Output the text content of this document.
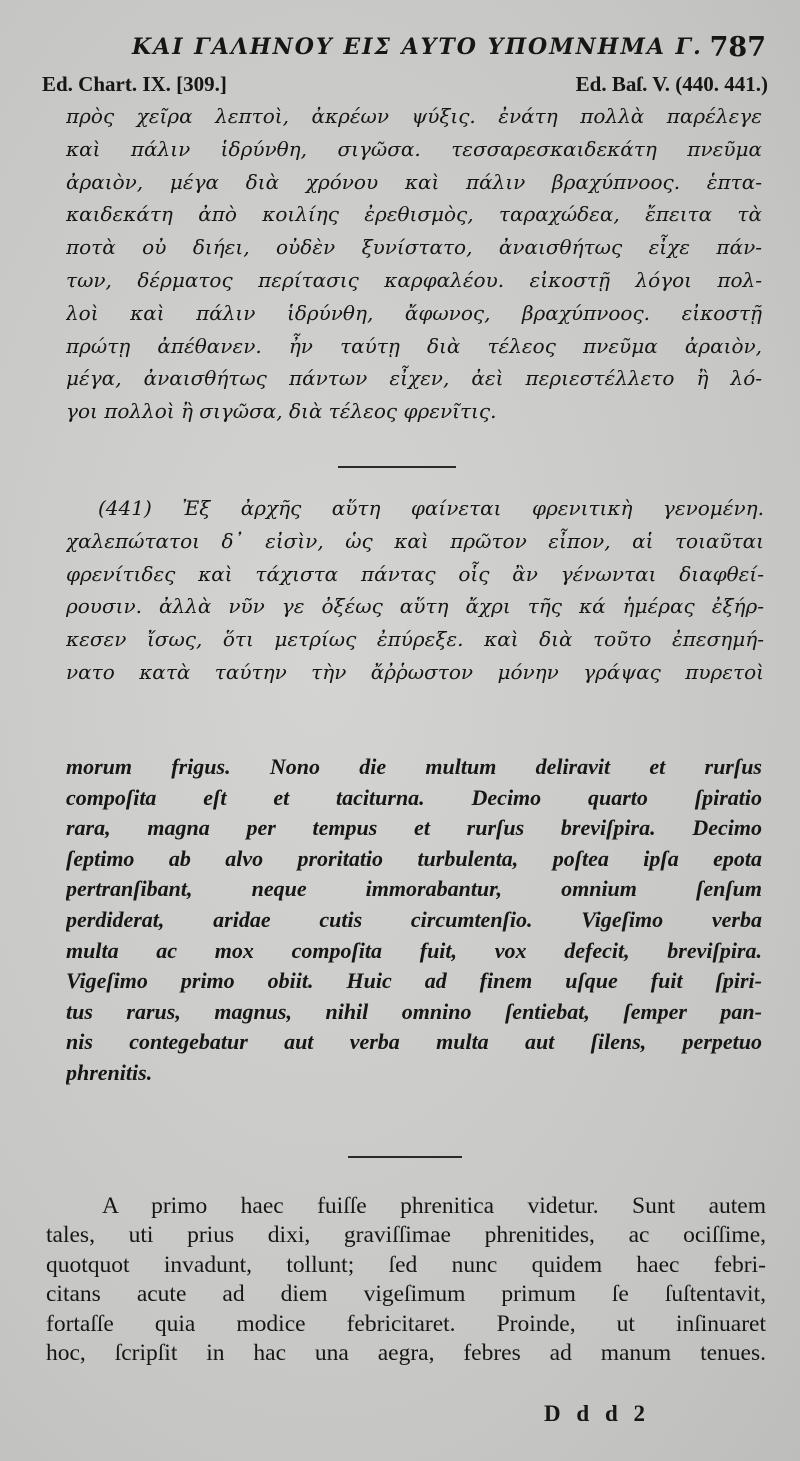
ΚΑΙ ΓΑΛΗΝΟΥ ΕΙΣ ΑΥΤΟ ΥΠΟΜΝΗΜΑ Γ. 787
Ed. Chart. IX. [309.]	Ed. Baſ. V. (440. 441.)
πρὸς χεῖρα λεπτοὶ, ἀκρέων ψύξις. ἐνάτη πολλὰ παρέλεγε
καὶ πάλιν ἱδρύνθη, σιγῶσα. τεσσαρεσκαιδεκάτη πνεῦμα
ἀραιὸν, μέγα διὰ χρόνου καὶ πάλιν βραχύπνοος. ἑπτα-
καιδεκάτη ἀπὸ κοιλίης ἐρεθισμὸς, ταραχώδεα, ἔπειτα τὰ
ποτὰ οὐ διήει, οὐδὲν ξυνίστατο, ἀναισθήτως εἶχε πάν-
των, δέρματος περίτασις καρφαλέου. εἰκοστῇ λόγοι πολ-
λοὶ καὶ πάλιν ἱδρύνθη, ἄφωνος, βραχύπνοος. εἰκοστῇ
πρώτῃ ἀπέθανεν. ἦν ταύτῃ διὰ τέλεος πνεῦμα ἀραιὸν,
μέγα, ἀναισθήτως πάντων εἶχεν, ἀεὶ περιεστέλλετο ἢ λό-
γοι πολλοὶ ἢ σιγῶσα, διὰ τέλεος φρενῖτις.
(441) Ἐξ ἀρχῆς αὕτη φαίνεται φρενιτικὴ γενομένη.
χαλεπώτατοι δ᾽ εἰσὶν, ὡς καὶ πρῶτον εἶπον, αἱ τοιαῦται
φρενίτιδες καὶ τάχιστα πάντας οἷς ἂν γένωνται διαφθεί-
ρουσιν. ἀλλὰ νῦν γε ὀξέως αὕτη ἄχρι τῆς κά ἡμέρας ἐξήρ-
κεσεν ἴσως, ὅτι μετρίως ἐπύρεξε. καὶ διὰ τοῦτο ἐπεσημή-
νατο κατὰ ταύτην τὴν ἄῤῥωστον μόνην γράψας πυρετοὶ
morum frigus. Nono die multum deliravit et rurſus
compoſita eſt et taciturna. Decimo quarto ſpiratio
rara, magna per tempus et rurſus breviſpira. Decimo
ſeptimo ab alvo proritatio turbulenta, poſtea ipſa epota
pertranſibant, neque immorabantur, omnium ſenſum
perdiderat, aridae cutis circumtenſio. Vigeſimo verba
multa ac mox compoſita fuit, vox defecit, breviſpira.
Vigeſimo primo obiit. Huic ad finem uſque fuit ſpiri-
tus rarus, magnus, nihil omnino ſentiebat, ſemper pan-
nis contegebatur aut verba multa aut ſilens, perpetuo
phrenitis.
A primo haec fuiſſe phrenitica videtur. Sunt autem
tales, uti prius dixi, graviſſimae phrenitides, ac ociſſime,
quotquot invadunt, tollunt; ſed nunc quidem haec febri-
citans acute ad diem vigeſimum primum ſe ſuſtentavit,
fortaſſe quia modice febricitaret. Proinde, ut inſinuaret
hoc, ſcripſit in hac una aegra, febres ad manum tenues.
D d d 2
